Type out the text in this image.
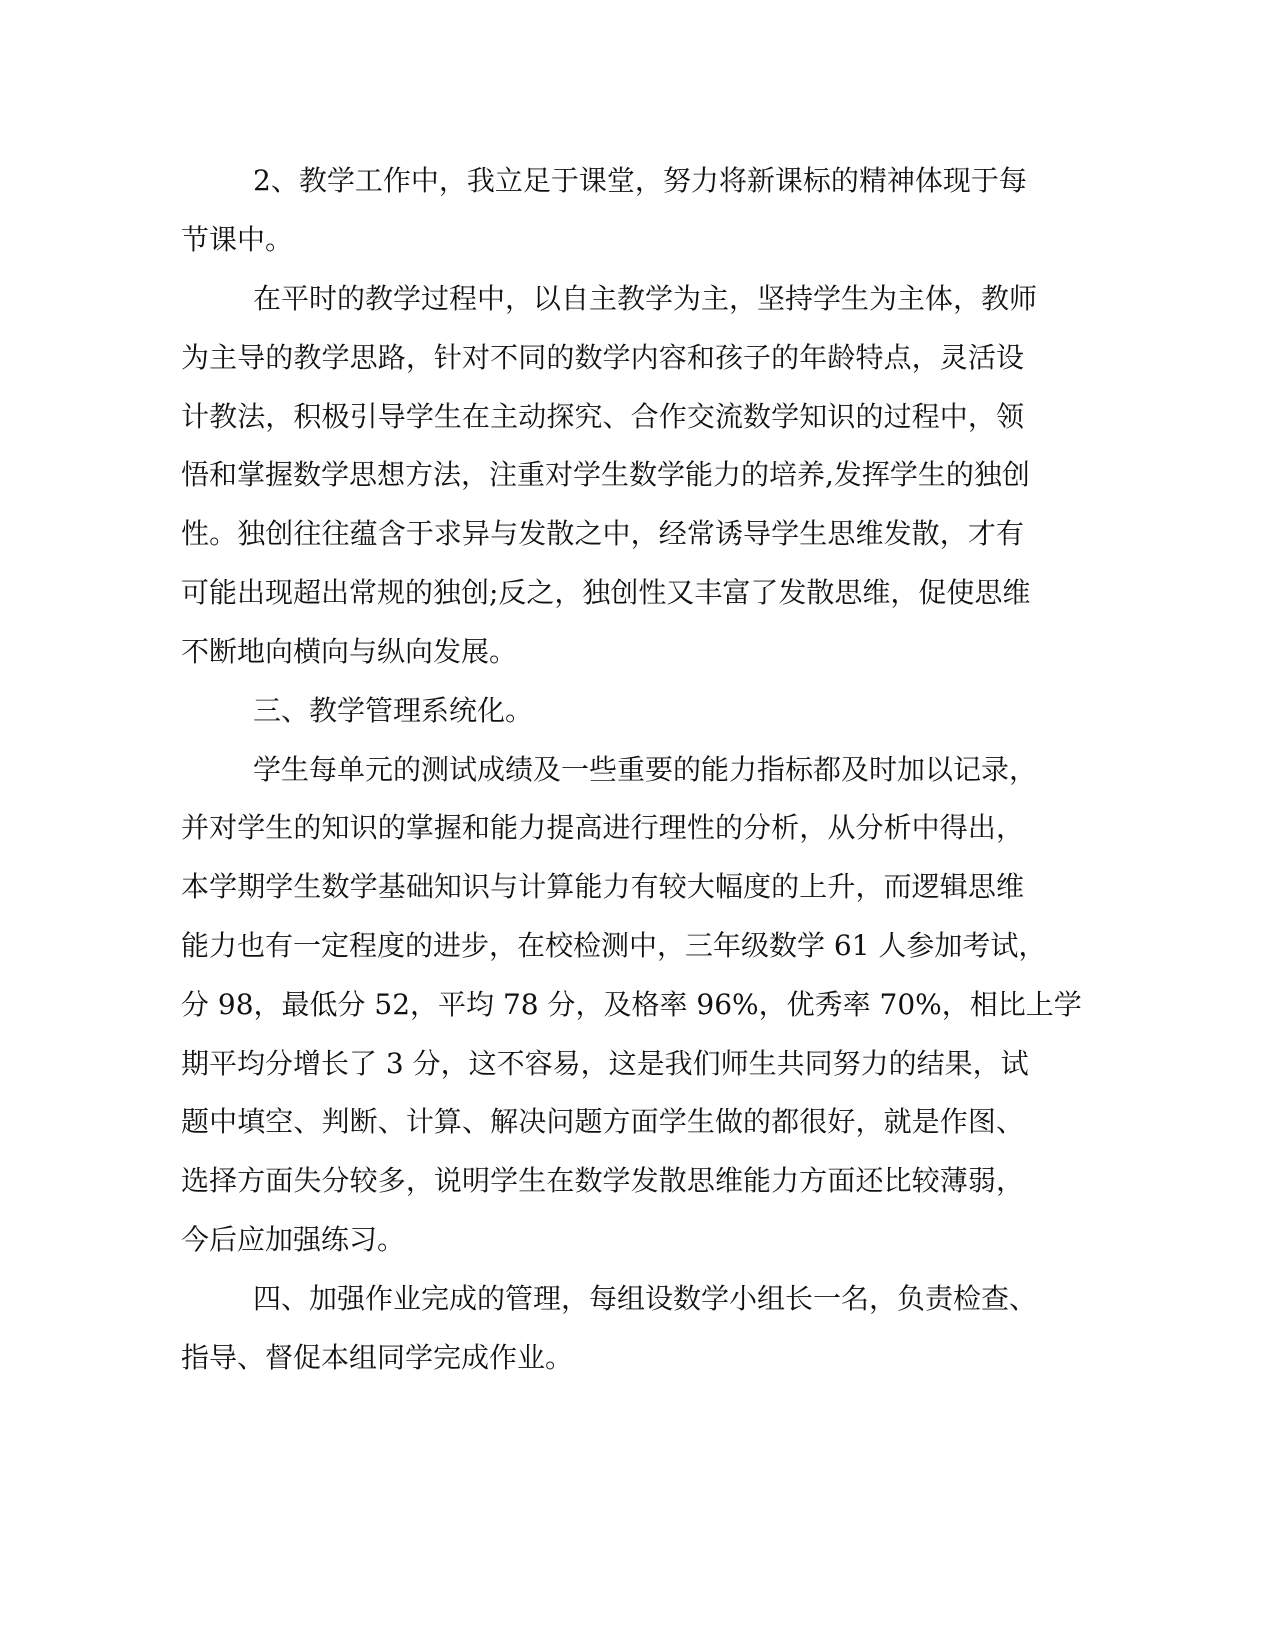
2、教学工作中，我立足于课堂，努力将新课标的精神体现于每
节课中。
在平时的教学过程中，以自主教学为主，坚持学生为主体，教师
为主导的教学思路，针对不同的数学内容和孩子的年龄特点，灵活设
计教法，积极引导学生在主动探究、合作交流数学知识的过程中，领
悟和掌握数学思想方法，注重对学生数学能力的培养,发挥学生的独创
性。独创往往蕴含于求异与发散之中，经常诱导学生思维发散，才有
可能出现超出常规的独创;反之，独创性又丰富了发散思维，促使思维
不断地向横向与纵向发展。
三、教学管理系统化。
学生每单元的测试成绩及一些重要的能力指标都及时加以记录，
并对学生的知识的掌握和能力提高进行理性的分析，从分析中得出，
本学期学生数学基础知识与计算能力有较大幅度的上升，而逻辑思维
能力也有一定程度的进步，在校检测中，三年级数学 61 人参加考试，
分 98，最低分 52，平均 78 分，及格率 96%，优秀率 70%，相比上学
期平均分增长了 3 分，这不容易，这是我们师生共同努力的结果，试
题中填空、判断、计算、解决问题方面学生做的都很好，就是作图、
选择方面失分较多，说明学生在数学发散思维能力方面还比较薄弱，
今后应加强练习。
四、加强作业完成的管理，每组设数学小组长一名，负责检查、
指导、督促本组同学完成作业。
